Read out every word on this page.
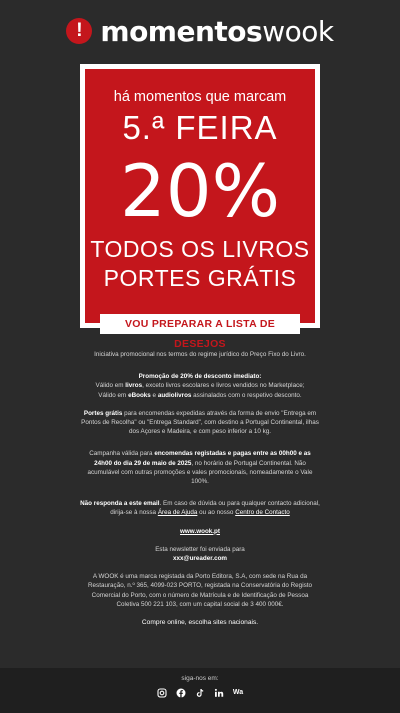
! momentoswook
há momentos que marcam
5.ª FEIRA
20%
TODOS OS LIVROS
PORTES GRÁTIS
VOU PREPARAR A LISTA DE DESEJOS

Iniciativa promocional nos termos do regime jurídico do Preço Fixo do Livro.

Promoção de 20% de desconto imediato:
Válido em livros, exceto livros escolares e livros vendidos no Marketplace;
Válido em eBooks e audiolivros assinalados com o respetivo desconto.

Portes grátis para encomendas expedidas através da forma de envio "Entrega em Pontos de Recolha" ou "Entrega Standard", com destino a Portugal Continental, ilhas dos Açores e Madeira, e com peso inferior a 10 kg.

Campanha válida para encomendas registadas e pagas entre as 00h00 e as 24h00 do dia 29 de maio de 2025, no horário de Portugal Continental. Não acumulável com outras promoções e vales promocionais, nomeadamente o Vale 100%.

Não responda a este email. Em caso de dúvida ou para qualquer contacto adicional, dirija-se à nossa Área de Ajuda ou ao nosso Centro de Contacto

www.wook.pt

Esta newsletter foi enviada para
xxx@ureader.com

A WOOK é uma marca registada da Porto Editora, S.A, com sede na Rua da Restauração, n.º 365, 4099-023 PORTO, registada na Conservatória do Registo Comercial do Porto, com o número de Matrícula e de Identificação de Pessoa Coletiva 500 221 103, com um capital social de 3 400 000€.

Compre online, escolha sites nacionais.

siga-nos em:
Wa
